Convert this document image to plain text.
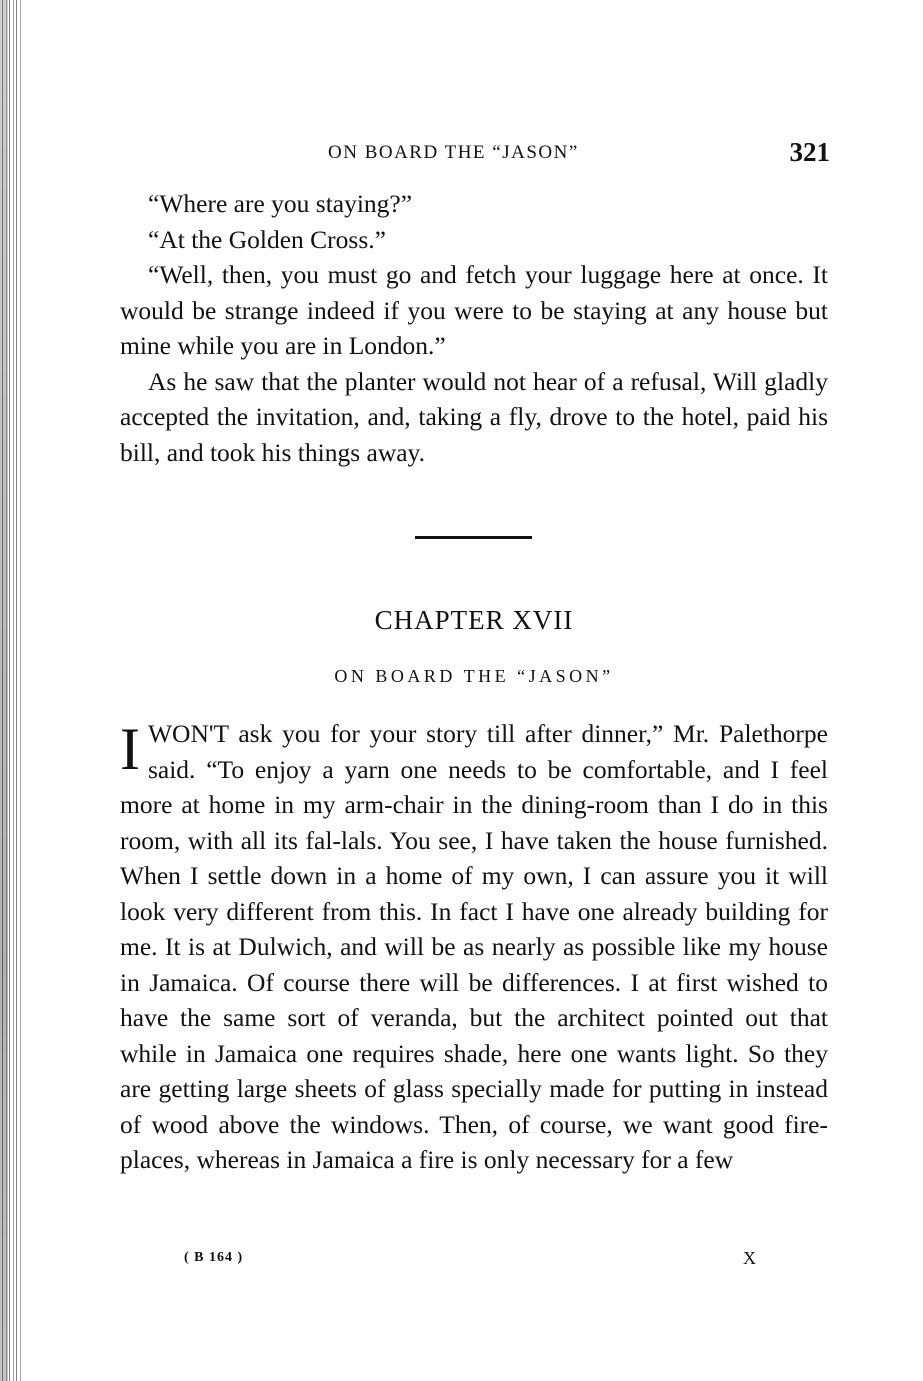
ON BOARD THE “JASON”	321

“Where are you staying?”

“At the Golden Cross.”

“Well, then, you must go and fetch your luggage here at once. It would be strange indeed if you were to be staying at any house but mine while you are in London.”

As he saw that the planter would not hear of a refusal, Will gladly accepted the invitation, and, taking a fly, drove to the hotel, paid his bill, and took his things away.

CHAPTER XVII
ON BOARD THE “JASON”

IWON'T ask you for your story till after dinner,” Mr. Palethorpe said. “To enjoy a yarn one needs to be comfortable, and I feel more at home in my arm-chair in the dining-room than I do in this room, with all its fal-lals. You see, I have taken the house furnished. When I settle down in a home of my own, I can assure you it will look very different from this. In fact I have one already building for me. It is at Dulwich, and will be as nearly as possible like my house in Jamaica. Of course there will be differences. I at first wished to have the same sort of veranda, but the architect pointed out that while in Jamaica one requires shade, here one wants light. So they are getting large sheets of glass specially made for putting in instead of wood above the windows. Then, of course, we want good fire-places, whereas in Jamaica a fire is only necessary for a few

( B 164 )	X
